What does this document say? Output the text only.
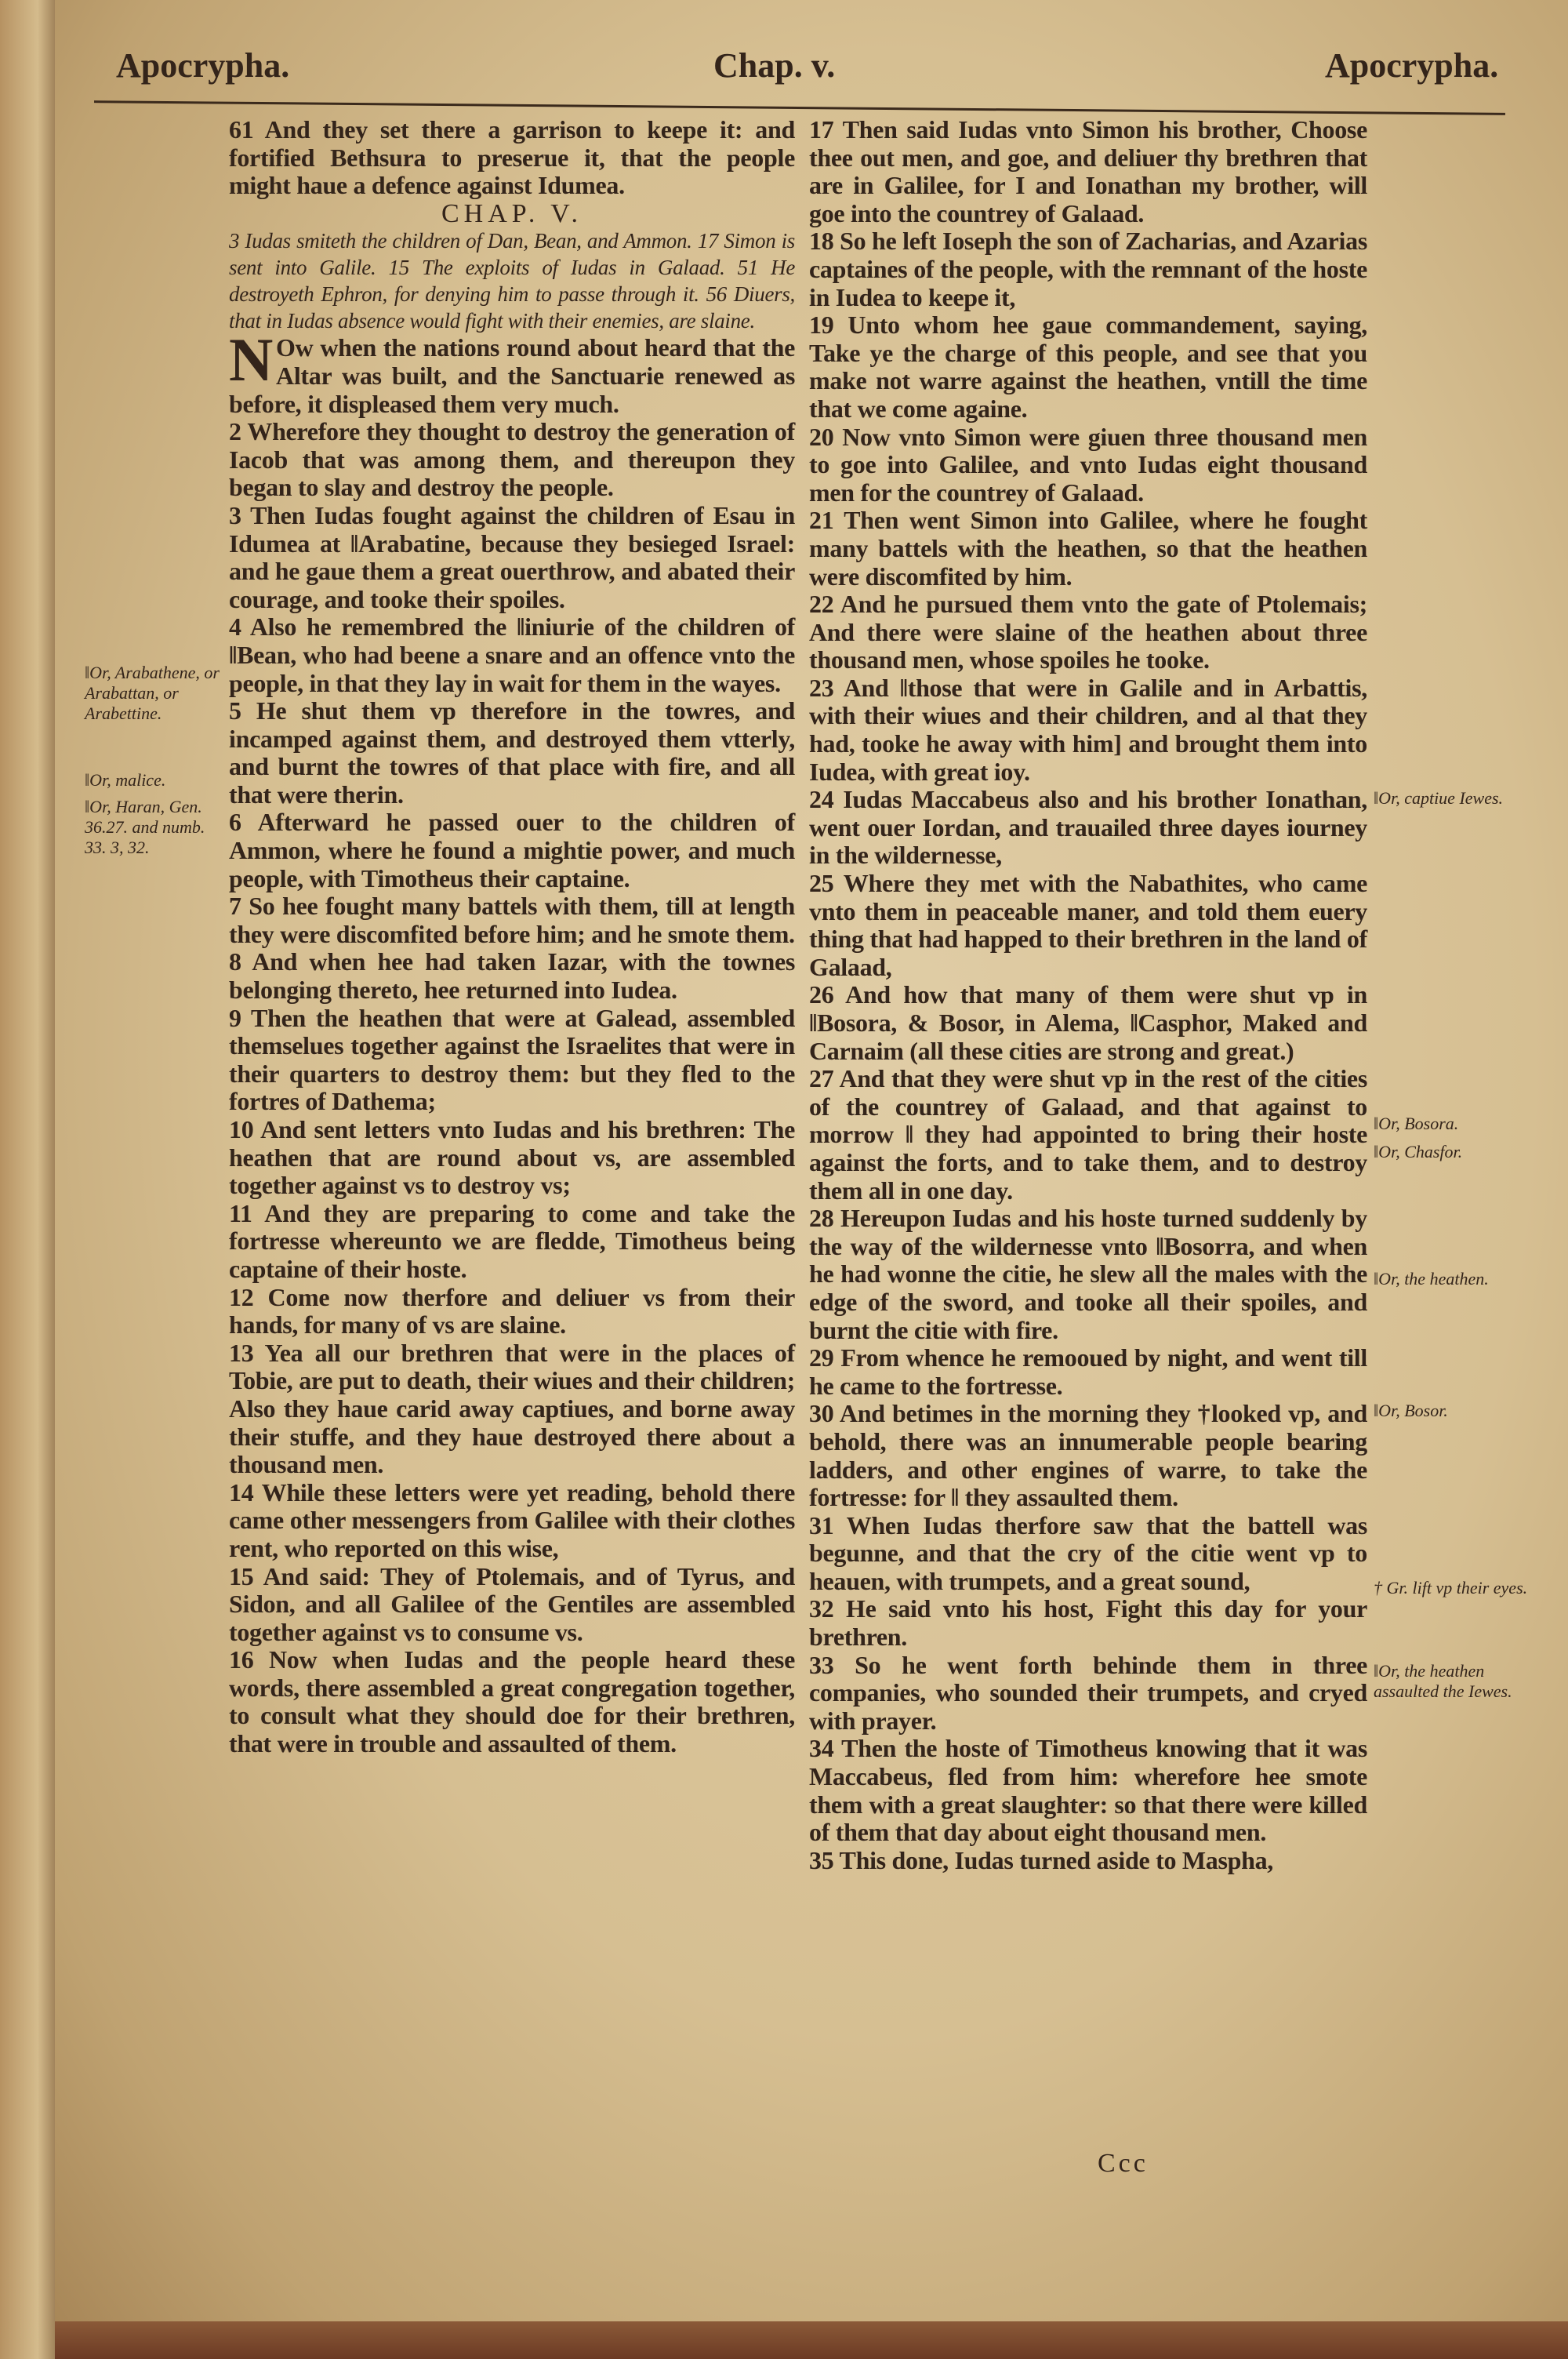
Apocrypha.	Chap. v.	Apocrypha.

61 And they set there a garrison to keepe it: and fortified Bethsura to preserue it, that the people might haue a defence against Idumea.

CHAP. V.

3 Iudas smiteth the children of Dan, Bean, and Ammon. 17 Simon is sent into Galile. 15 The exploits of Iudas in Galaad. 51 He destroyeth Ephron, for denying him to passe through it. 56 Diuers, that in Iudas absence would fight with their enemies, are slaine.

N Ow when the nations round about heard that the Altar was built, and the Sanctuarie renewed as before, it displeased them very much.

2 Wherefore they thought to destroy the generation of Iacob that was among them, and thereupon they began to slay and destroy the people.

3 Then Iudas fought against the children of Esau in Idumea at ‖Arabatine, because they besieged Israel: and he gaue them a great ouerthrow, and abated their courage, and tooke their spoiles.

4 Also he remembred the ‖iniurie of the children of ‖Bean, who had beene a snare and an offence vnto the people, in that they lay in wait for them in the wayes.

5 He shut them vp therefore in the towres, and incamped against them, and destroyed them vtterly, and burnt the towres of that place with fire, and all that were therin.

6 Afterward he passed ouer to the children of Ammon, where he found a mightie power, and much people, with Timotheus their captaine.

7 So hee fought many battels with them, till at length they were discomfited before him; and he smote them.

8 And when hee had taken Iazar, with the townes belonging thereto, hee returned into Iudea.

9 Then the heathen that were at Galead, assembled themselues together against the Israelites that were in their quarters to destroy them: but they fled to the fortres of Dathema;

10 And sent letters vnto Iudas and his brethren: The heathen that are round about vs, are assembled together against vs to destroy vs;

11 And they are preparing to come and take the fortresse whereunto we are fledde, Timotheus being captaine of their hoste.

12 Come now therfore and deliuer vs from their hands, for many of vs are slaine.

13 Yea all our brethren that were in the places of Tobie, are put to death, their wiues and their children; Also they haue carid away captiues, and borne away their stuffe, and they haue destroyed there about a thousand men.

14 While these letters were yet reading, behold there came other messengers from Galilee with their clothes rent, who reported on this wise,

15 And said: They of Ptolemais, and of Tyrus, and Sidon, and all Galilee of the Gentiles are assembled together against vs to consume vs.

16 Now when Iudas and the people heard these words, there assembled a great congregation together, to consult what they should doe for their brethren, that were in trouble and assaulted of them.

17 Then said Iudas vnto Simon his brother, Choose thee out men, and goe, and deliuer thy brethren that are in Galilee, for I and Ionathan my brother, will goe into the countrey of Galaad.

18 So he left Ioseph the son of Zacharias, and Azarias captaines of the people, with the remnant of the hoste in Iudea to keepe it,

19 Unto whom hee gaue commandement, saying, Take ye the charge of this people, and see that you make not warre against the heathen, vntill the time that we come againe.

20 Now vnto Simon were giuen three thousand men to goe into Galilee, and vnto Iudas eight thousand men for the countrey of Galaad.

21 Then went Simon into Galilee, where he fought many battels with the heathen, so that the heathen were discomfited by him.

22 And he pursued them vnto the gate of Ptolemais; And there were slaine of the heathen about three thousand men, whose spoiles he tooke.

23 And ‖those that were in Galile and in Arbattis, with their wiues and their children, and al that they had, tooke he away with him] and brought them into Iudea, with great ioy.

24 Iudas Maccabeus also and his brother Ionathan, went ouer Iordan, and trauailed three dayes iourney in the wildernesse,

25 Where they met with the Nabathites, who came vnto them in peaceable maner, and told them euery thing that had happed to their brethren in the land of Galaad,

26 And how that many of them were shut vp in ‖Bosora, & Bosor, in Alema, ‖Casphor, Maked and Carnaim (all these cities are strong and great.)

27 And that they were shut vp in the rest of the cities of the countrey of Galaad, and that against to morrow ‖ they had appointed to bring their hoste against the forts, and to take them, and to destroy them all in one day.

28 Hereupon Iudas and his hoste turned suddenly by the way of the wildernesse vnto ‖Bosorra, and when he had wonne the citie, he slew all the males with the edge of the sword, and tooke all their spoiles, and burnt the citie with fire.

29 From whence he remooued by night, and went till he came to the fortresse.

30 And betimes in the morning they †looked vp, and behold, there was an innumerable people bearing ladders, and other engines of warre, to take the fortresse: for ‖ they assaulted them.

31 When Iudas therfore saw that the battell was begunne, and that the cry of the citie went vp to heauen, with trumpets, and a great sound,

32 He said vnto his host, Fight this day for your brethren.

33 So he went forth behinde them in three companies, who sounded their trumpets, and cryed with prayer.

34 Then the hoste of Timotheus knowing that it was Maccabeus, fled from him: wherefore hee smote them with a great slaughter: so that there were killed of them that day about eight thousand men.

35 This done, Iudas turned aside to Maspha,

Ccc
‖Or, Arabathene, or Arabattan, or Arabettine.
‖Or, malice.
‖Or, Haran, Gen. 36.27. and numb. 33. 3, 32.
‖Or, captiue Iewes.
‖Or, Bosora.
‖Or, Chasfor.
‖Or, the heathen.
‖Or, Bosor.
† Gr. lift vp their eyes.
‖Or, the heathen assaulted the Iewes.
